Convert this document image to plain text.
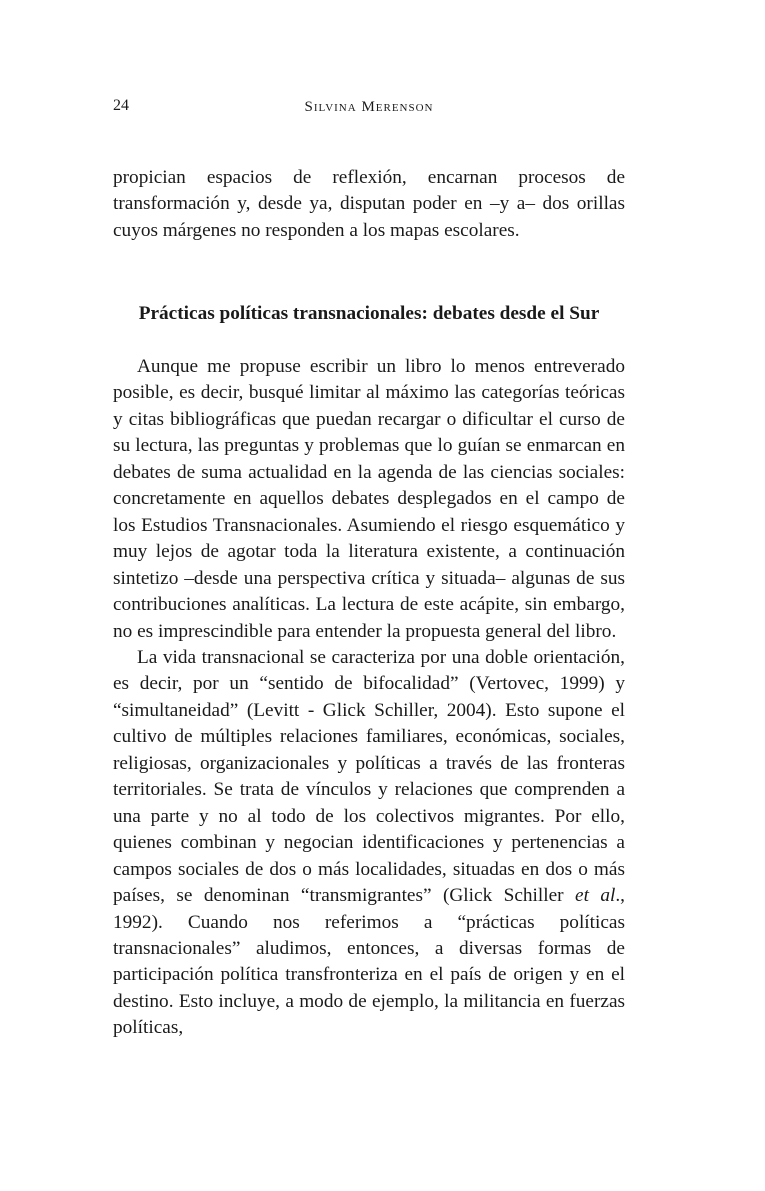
24	Silvina Merenson

propician espacios de reflexión, encarnan procesos de transformación y, desde ya, disputan poder en –y a– dos orillas cuyos márgenes no responden a los mapas escolares.

Prácticas políticas transnacionales: debates desde el Sur

Aunque me propuse escribir un libro lo menos entreverado posible, es decir, busqué limitar al máximo las categorías teóricas y citas bibliográficas que puedan recargar o dificultar el curso de su lectura, las preguntas y problemas que lo guían se enmarcan en debates de suma actualidad en la agenda de las ciencias sociales: concretamente en aquellos debates desplegados en el campo de los Estudios Transnacionales. Asumiendo el riesgo esquemático y muy lejos de agotar toda la literatura existente, a continuación sintetizo –desde una perspectiva crítica y situada– algunas de sus contribuciones analíticas. La lectura de este acápite, sin embargo, no es imprescindible para entender la propuesta general del libro.

La vida transnacional se caracteriza por una doble orientación, es decir, por un “sentido de bifocalidad” (Vertovec, 1999) y “simultaneidad” (Levitt - Glick Schiller, 2004). Esto supone el cultivo de múltiples relaciones familiares, económicas, sociales, religiosas, organizacionales y políticas a través de las fronteras territoriales. Se trata de vínculos y relaciones que comprenden a una parte y no al todo de los colectivos migrantes. Por ello, quienes combinan y negocian identificaciones y pertenencias a campos sociales de dos o más localidades, situadas en dos o más países, se denominan “transmigrantes” (Glick Schiller et al., 1992). Cuando nos referimos a “prácticas políticas transnacionales” aludimos, entonces, a diversas formas de participación política transfronteriza en el país de origen y en el destino. Esto incluye, a modo de ejemplo, la militancia en fuerzas políticas,
